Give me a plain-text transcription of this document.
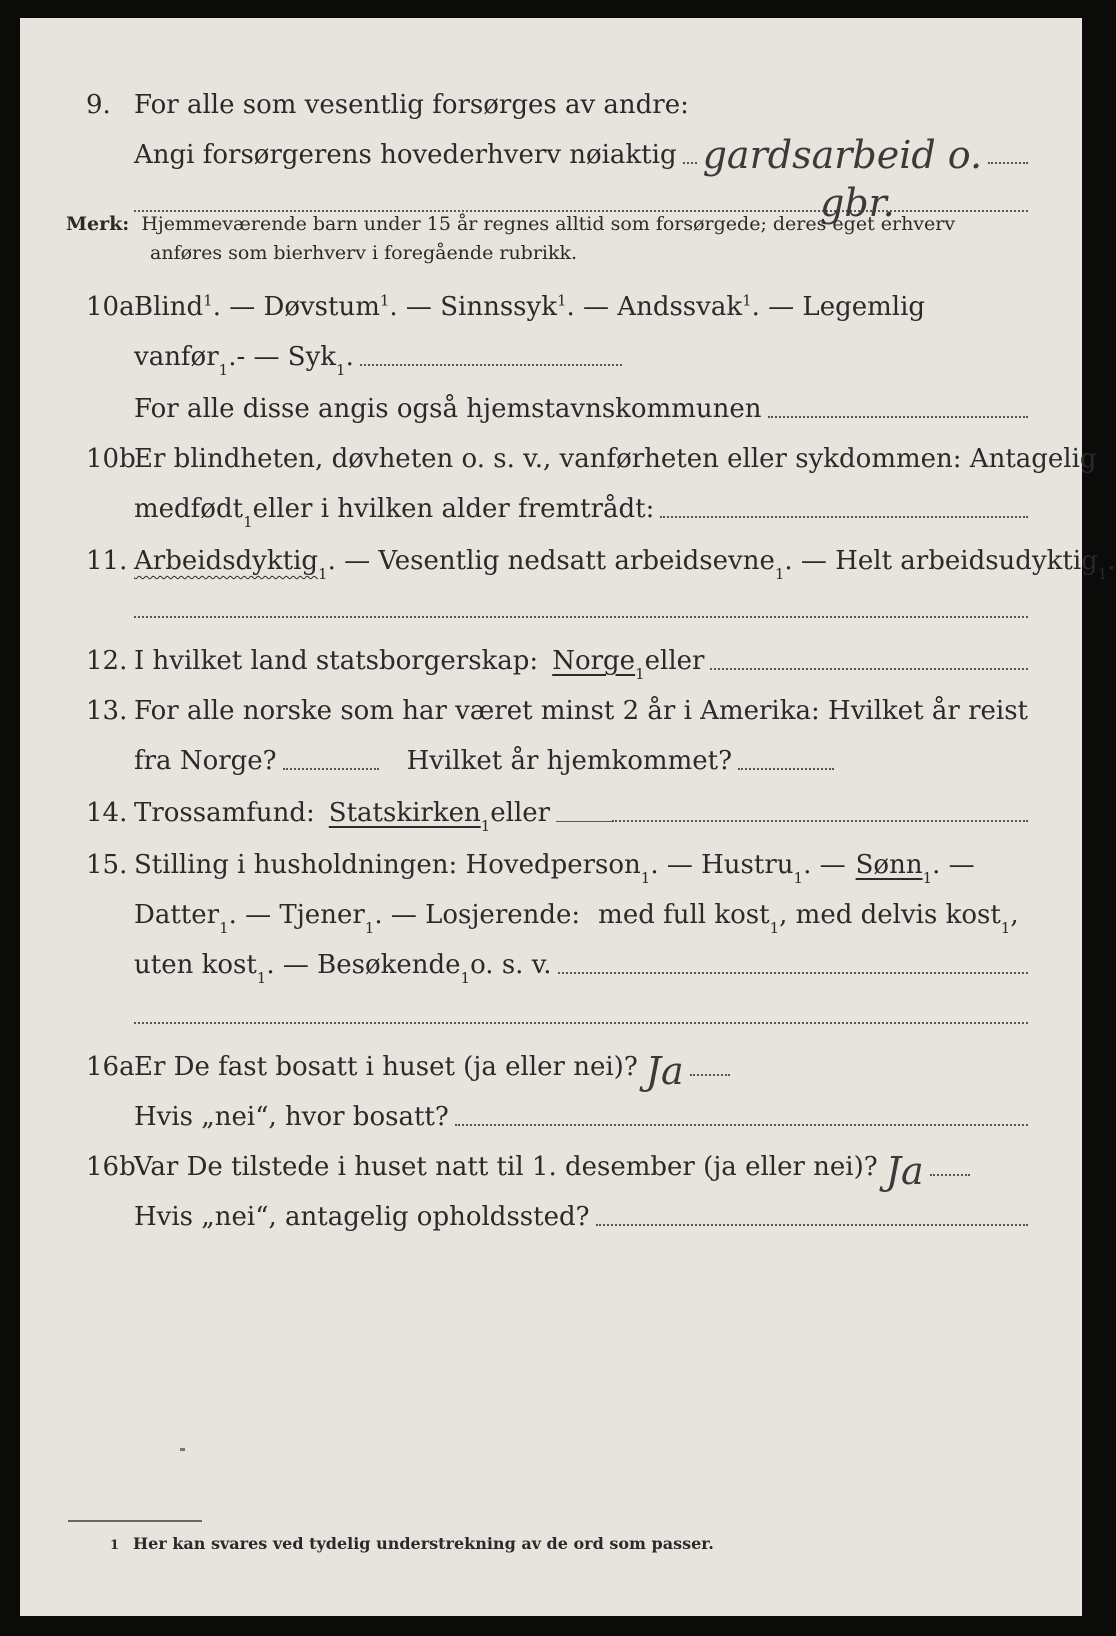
9. For alle som vesentlig forsørges av andre:
Angi forsørgerens hovederhverv nøiaktig gardsarbeid o.
gbr.
Merk: Hjemmeværende barn under 15 år regnes alltid som forsørgede; deres eget erhverv
anføres som bierhverv i foregående rubrikk.
10a Blind$^1$. — Døvstum$^1$. — Sinnssyk$^1$. — Andssvak$^1$. — Legemlig
vanfør 1 .- — Syk 1 .
For alle disse angis også hjemstavnskommunen
10b
Er blindheten, døvheten o. s. v., vanførheten eller sykdommen: Antagelig
medfødt 1 eller i hvilken alder fremtrådt:
11. Arbeidsdyktig 1 . — Vesentlig nedsatt arbeidsevne 1 . — Helt arbeidsudyktig 1 .
12. I hvilket land statsborgerskap: Norge 1 eller
13. For alle norske som har været minst 2 år i Amerika: Hvilket år reist
fra Norge?	Hvilket år hjemkommet?
14. Trossamfund: Statskirken 1 eller
15. Stilling i husholdningen: Hovedperson 1 . — Hustru 1 . — Sønn 1 . —
Datter 1 . — Tjener 1 . — Losjerende: med full kost 1 , med delvis kost 1 ,
uten kost 1 . — Besøkende 1 o. s. v.
16a Er De fast bosatt i huset (ja eller nei)? Ja
Hvis „nei“, hvor bosatt?
16b
Var De tilstede i huset natt til 1. desember (ja eller nei)? Ja
Hvis „nei“, antagelig opholdssted?
1 Her kan svares ved tydelig understrekning av de ord som passer.
